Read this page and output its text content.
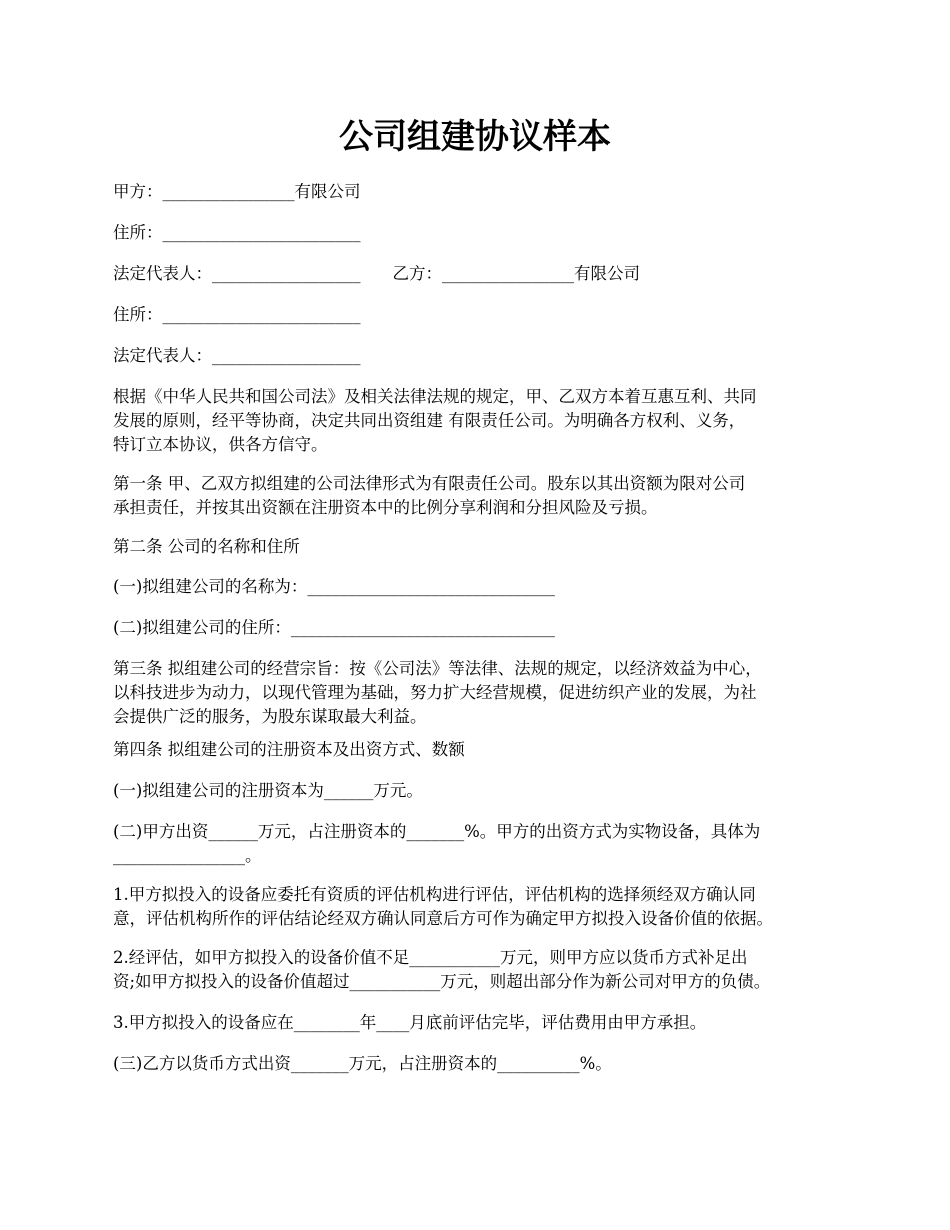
公司组建协议样本

甲方：________________有限公司

住所：________________________

法定代表人：__________________ 乙方：________________有限公司

住所：________________________

法定代表人：__________________

根据《中华人民共和国公司法》及相关法律法规的规定，甲、乙双方本着互惠互利、共同
发展的原则，经平等协商，决定共同出资组建 有限责任公司。为明确各方权利、义务，
特订立本协议，供各方信守。

第一条 甲、乙双方拟组建的公司法律形式为有限责任公司。股东以其出资额为限对公司
承担责任，并按其出资额在注册资本中的比例分享利润和分担风险及亏损。

第二条 公司的名称和住所

(一)拟组建公司的名称为：______________________________

(二)拟组建公司的住所：________________________________

第三条 拟组建公司的经营宗旨：按《公司法》等法律、法规的规定，以经济效益为中心，
以科技进步为动力，以现代管理为基础，努力扩大经营规模，促进纺织产业的发展，为社
会提供广泛的服务，为股东谋取最大利益。

第四条 拟组建公司的注册资本及出资方式、数额

(一)拟组建公司的注册资本为______万元。

(二)甲方出资______万元，占注册资本的_______%。甲方的出资方式为实物设备，具体为
________________。

1.甲方拟投入的设备应委托有资质的评估机构进行评估，评估机构的选择须经双方确认同
意，评估机构所作的评估结论经双方确认同意后方可作为确定甲方拟投入设备价值的依据。

2.经评估，如甲方拟投入的设备价值不足___________万元，则甲方应以货币方式补足出
资;如甲方拟投入的设备价值超过___________万元，则超出部分作为新公司对甲方的负债。

3.甲方拟投入的设备应在________年____月底前评估完毕，评估费用由甲方承担。

(三)乙方以货币方式出资_______万元，占注册资本的__________%。
